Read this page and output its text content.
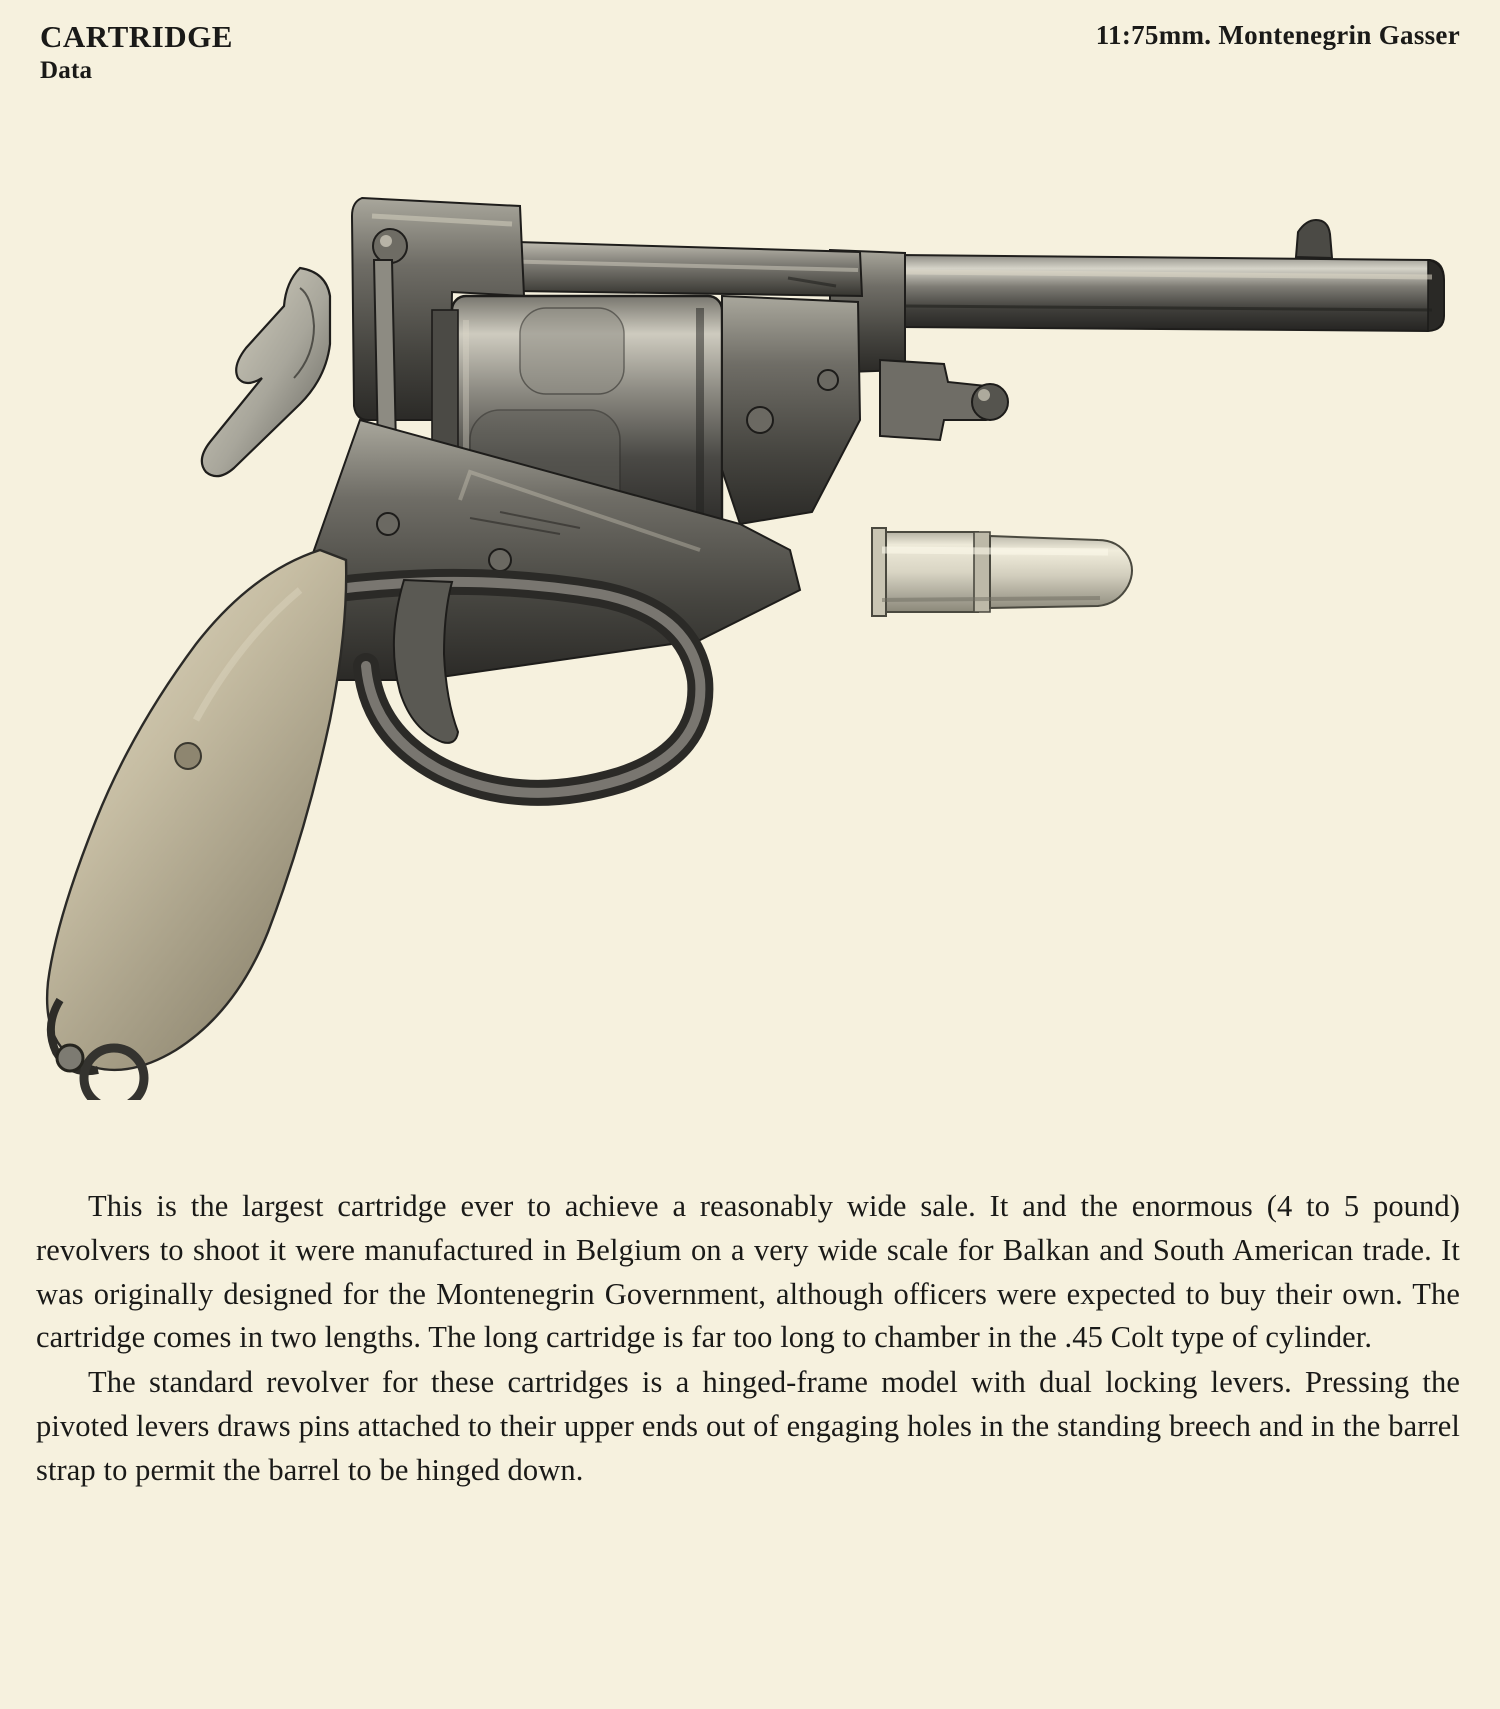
CARTRIDGE
Data
11:75mm. Montenegrin Gasser

This is the largest cartridge ever to achieve a reasonably wide sale. It and the enormous (4 to 5 pound) revolvers to shoot it were manufactured in Belgium on a very wide scale for Balkan and South American trade. It was originally designed for the Montenegrin Government, although officers were expected to buy their own. The cartridge comes in two lengths. The long cartridge is far too long to chamber in the .45 Colt type of cylinder.

The standard revolver for these cartridges is a hinged-frame model with dual locking levers. Pressing the pivoted levers draws pins attached to their upper ends out of engaging holes in the standing breech and in the barrel strap to permit the barrel to be hinged down.
